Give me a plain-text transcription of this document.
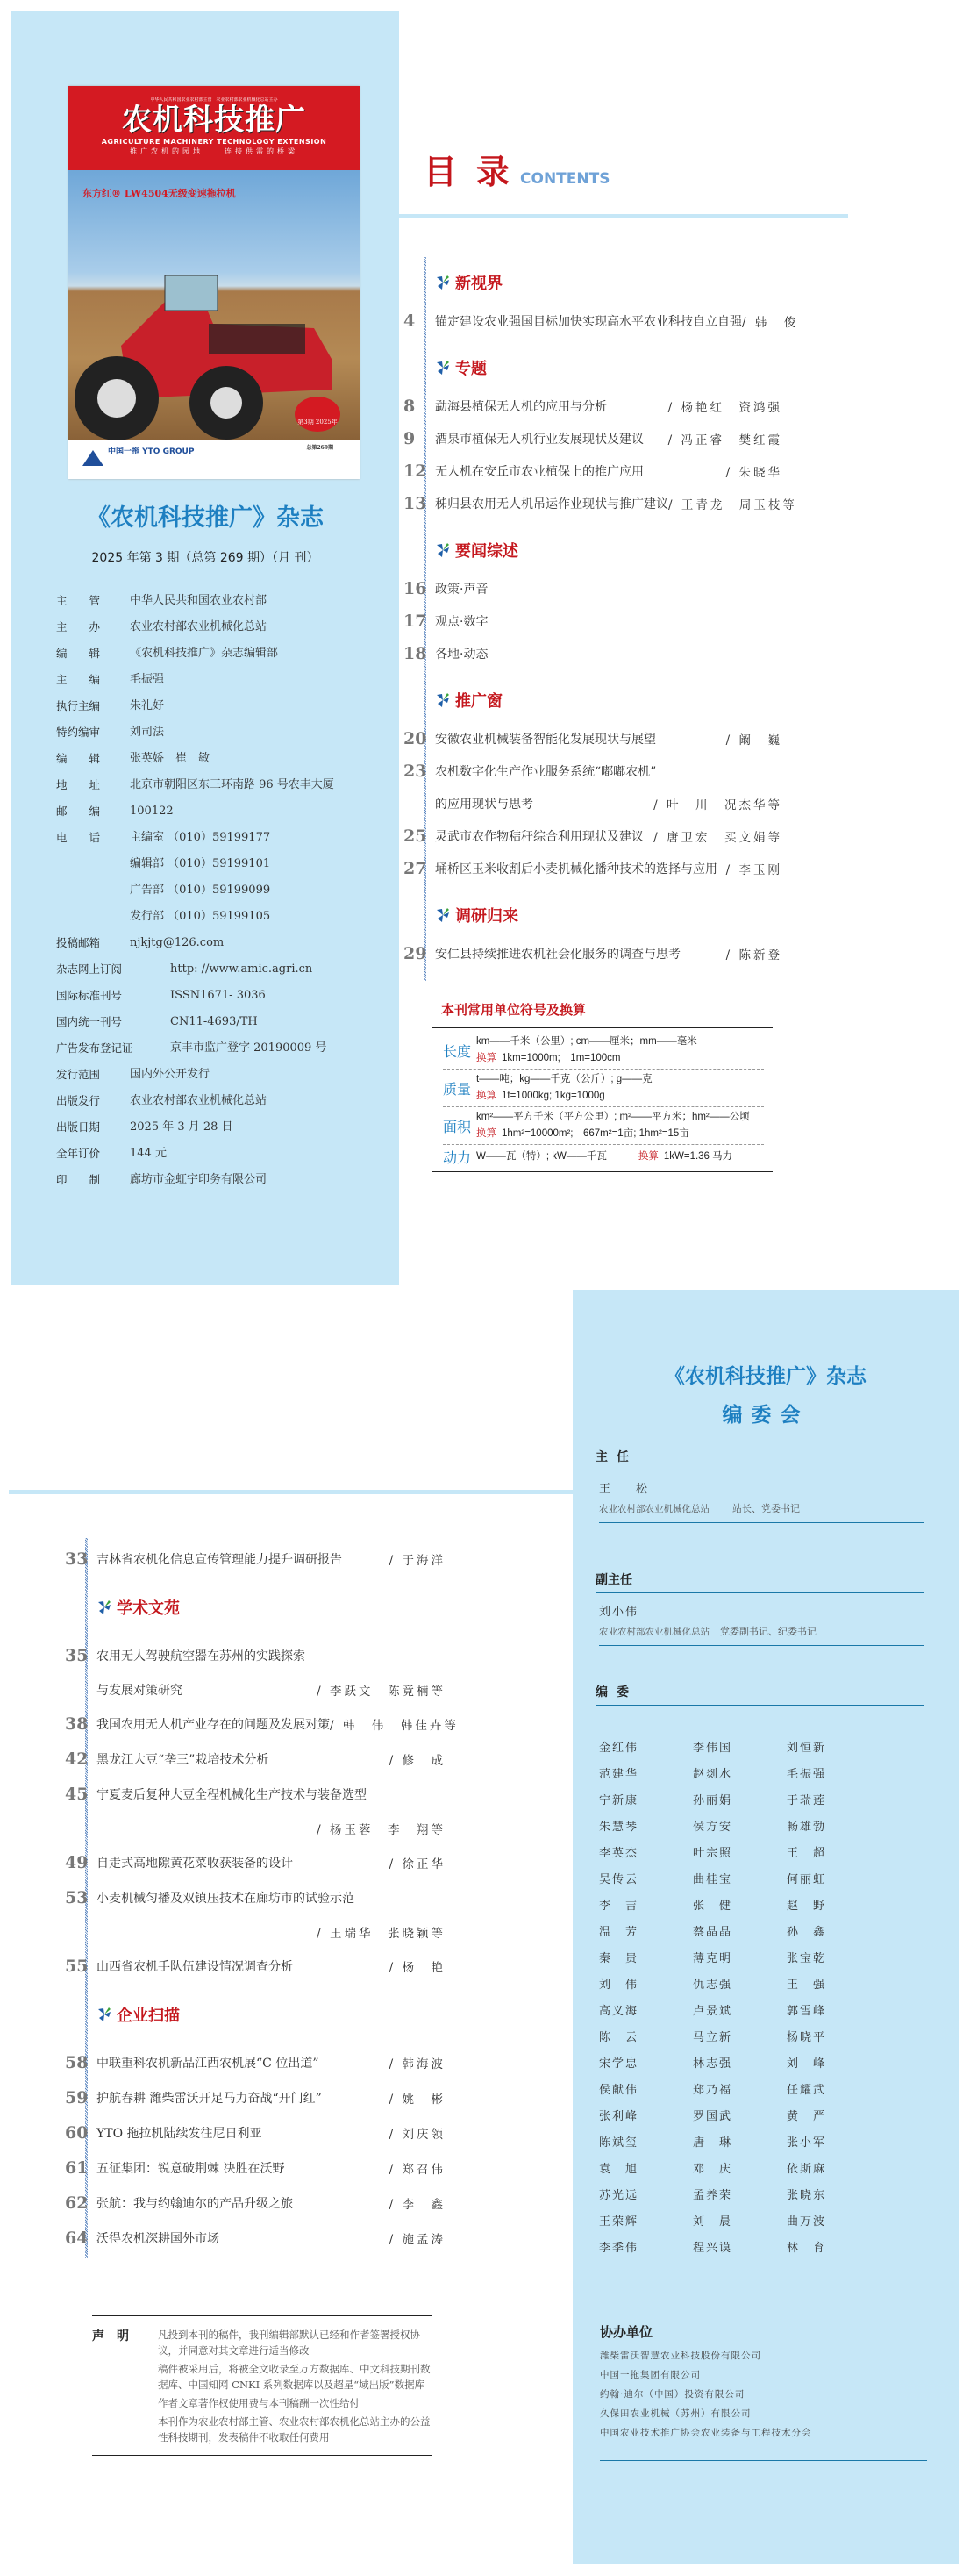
中华人民共和国农业农村部主管　农业农村部农业机械化总站主办
农机科技推广
AGRICULTURE MACHINERY TECHNOLOGY EXTENSION
推广农机的园地　　连接供需的桥梁
东方红® LW4504无级变速拖拉机
第3期 2025年
中国一拖 YTO GROUP	总第269期
《农机科技推广》杂志
2025 年第 3 期（总第 269 期）（月 刊）
主　　管	中华人民共和国农业农村部
主　　办	农业农村部农业机械化总站
编　　辑	《农机科技推广》杂志编辑部
主　　编	毛振强
执行主编	朱礼好
特约编审	刘司法
编　　辑	张英娇　崔　敏
地　　址	北京市朝阳区东三环南路 96 号农丰大厦
邮　　编	100122
电　　话	主编室 （010）59199177
编辑部 （010）59199101
广告部 （010）59199099
发行部 （010）59199105
投稿邮箱	njkjtg@126.com
杂志网上订阅	http: //www.amic.agri.cn
国际标准刊号	ISSN1671- 3036
国内统一刊号	CN11-4693/TH
广告发布登记证	京丰市监广登字 20190009 号
发行范围	国内外公开发行
出版发行	农业农村部农业机械化总站
出版日期	2025 年 3 月 28 日
全年订价	144 元
印　　制	廊坊市金虹宇印务有限公司
目录CONTENTS
新视界
4	锚定建设农业强国目标加快实现高水平农业科技自立自强 / 韩　俊
专题
8	勐海县植保无人机的应用与分析	/ 杨艳红　资鸿强
9	酒泉市植保无人机行业发展现状及建议	/ 冯正睿　樊红霞
12 无人机在安丘市农业植保上的推广应用	/ 朱晓华
13 秭归县农用无人机吊运作业现状与推广建议 / 王青龙　周玉枝等
要闻综述
16 政策·声音
17 观点·数字
18 各地·动态
推广窗
20 安徽农业机械装备智能化发展现状与展望	/ 阚　巍
23 农机数字化生产作业服务系统“嘟嘟农机”
的应用现状与思考	/ 叶　川　况杰华等
25 灵武市农作物秸秆综合利用现状及建议 / 唐卫宏　买文娟等
27 埇桥区玉米收割后小麦机械化播种技术的选择与应用 / 李玉刚
调研归来
29 安仁县持续推进农机社会化服务的调查与思考	/ 陈新登
本刊常用单位符号及换算
长度
km——千米（公里）; cm——厘米；mm——毫米
换算 1km=1000m;　1m=100cm
质量
t——吨；kg——千克（公斤）; g——克
换算 1t=1000kg; 1kg=1000g
面积
km²——平方千米（平方公里）; m²——平方米；hm²——公顷
换算 1hm²=10000m²;　667m²=1亩; 1hm²=15亩
动力 W——瓦（特）; kW——千瓦	换算 1kW=1.36 马力
33 吉林省农机化信息宣传管理能力提升调研报告	/ 于海洋
学术文苑
35 农用无人驾驶航空器在苏州的实践探索
与发展对策研究	/ 李跃文　陈竟楠等
38 我国农用无人机产业存在的问题及发展对策 / 韩　伟　韩佳卉等
42 黑龙江大豆“垄三”栽培技术分析	/ 修　成
45 宁夏麦后复种大豆全程机械化生产技术与装备选型
/ 杨玉蓉　李　翔等
49 自走式高地隙黄花菜收获装备的设计	/ 徐正华
53 小麦机械匀播及双镇压技术在廊坊市的试验示范
/ 王瑞华　张晓颖等
55 山西省农机手队伍建设情况调查分析	/ 杨　艳
企业扫描
58 中联重科农机新品江西农机展“C 位出道”	/ 韩海波
59 护航春耕 潍柴雷沃开足马力奋战“开门红”	/ 姚　彬
60 YTO 拖拉机陆续发往尼日利亚	/ 刘庆领
61 五征集团：锐意破荆棘 决胜在沃野	/ 郑召伟
62 张航：我与约翰迪尔的产品升级之旅	/ 李　鑫
64 沃得农机深耕国外市场	/ 施孟涛
声明	凡投到本刊的稿件，我刊编辑部默认已经和作者签署授权协议，并同意对其文章进行适当修改
稿件被采用后，将被全文收录至万方数据库、中文科技期刊数据库、中国知网 CNKI 系列数据库以及超星“域出版”数据库
作者文章著作权使用费与本刊稿酬一次性给付
本刊作为农业农村部主管、农业农村部农机化总站主办的公益性科技期刊，发表稿件不收取任何费用
《农机科技推广》杂志
编委会
主任
王　松
农业农村部农业机械化总站 站长、党委书记
副主任
刘小伟
农业农村部农业机械化总站 党委副书记、纪委书记
编委
金红伟	李伟国	刘恒新
范建华	赵剡水	毛振强
宁新康	孙丽娟	于瑞莲
朱慧琴	侯方安	畅雄勃
李英杰	叶宗照	王　超
吴传云	曲桂宝	何丽虹
李　吉	张　健	赵　野
温　芳	蔡晶晶	孙　鑫
秦　贵	薄克明	张宝乾
刘　伟	仇志强	王　强
高义海	卢景斌	郭雪峰
陈　云	马立新	杨晓平
宋学忠	林志强	刘　峰
侯献伟	郑乃福	任耀武
张利峰	罗国武	黄　严
陈斌玺	唐　琳	张小军
袁　旭	邓　庆	依斯麻
苏光远	孟养荣	张晓东
王荣辉	刘　晨	曲万波
李季伟	程兴谟	林　育
协办单位
潍柴雷沃智慧农业科技股份有限公司
中国一拖集团有限公司
约翰·迪尔（中国）投资有限公司
久保田农业机械（苏州）有限公司
中国农业技术推广协会农业装备与工程技术分会
